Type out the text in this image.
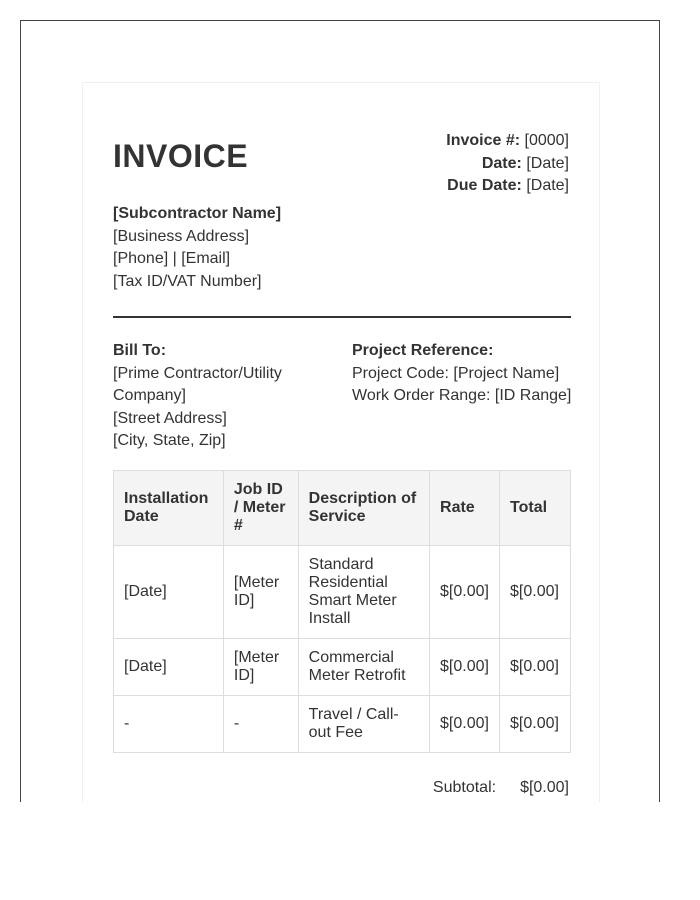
INVOICE	Invoice #: [0000]
Date: [Date]
Due Date: [Date]
[Subcontractor Name]
[Business Address]
[Phone] | [Email]
[Tax ID/VAT Number]
Bill To:
[Prime Contractor/Utility Company]
[Street Address]
[City, State, Zip]
Project Reference:
Project Code: [Project Name]
Work Order Range: [ID Range]
Installation Date	Job ID / Meter #	Description of Service	Rate	Total
[Date]	[Meter ID]	Standard Residential Smart Meter Install	$[0.00]	$[0.00]
[Date]	[Meter ID]	Commercial Meter Retrofit	$[0.00]	$[0.00]
-	-	Travel / Call-out Fee	$[0.00]	$[0.00]
Subtotal: $[0.00]
